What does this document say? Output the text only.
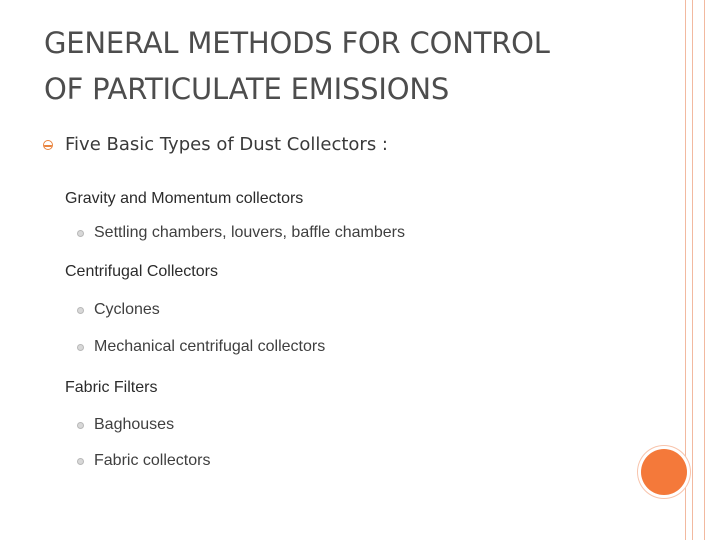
GENERAL METHODS FOR CONTROL
OF PARTICULATE EMISSIONS

Five Basic Types of Dust Collectors :

Gravity and Momentum collectors

Settling chambers, louvers, baffle chambers

Centrifugal Collectors

Cyclones

Mechanical centrifugal collectors

Fabric Filters

Baghouses

Fabric collectors
